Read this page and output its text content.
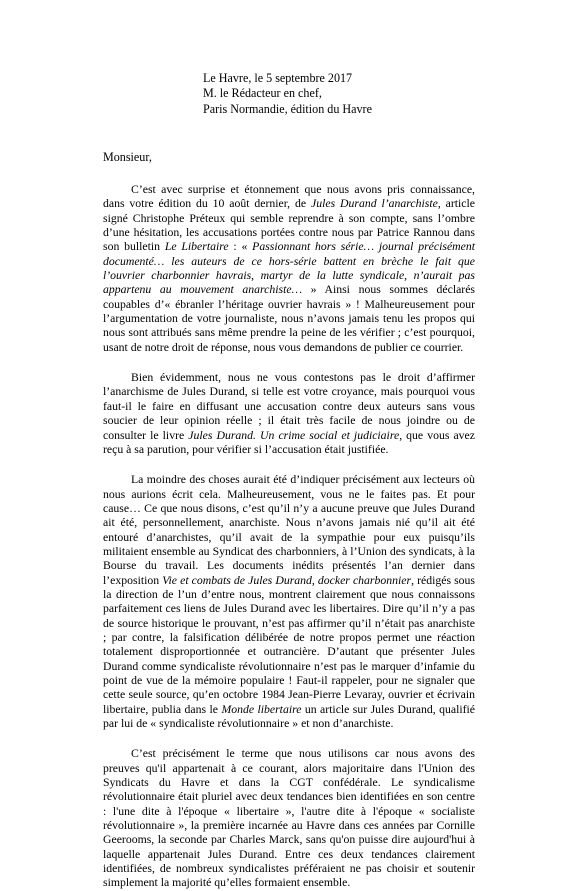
Le Havre, le 5 septembre 2017
M. le Rédacteur en chef,
Paris Normandie, édition du Havre
Monsieur,

C’est avec surprise et étonnement que nous avons pris connaissance, dans votre édition du 10 août dernier, de Jules Durand l’anarchiste, article signé Christophe Préteux qui semble reprendre à son compte, sans l’ombre d’une hésitation, les accusations portées contre nous par Patrice Rannou dans son bulletin Le Libertaire : « Passionnant hors série… journal précisément documenté… les auteurs de ce hors-série battent en brèche le fait que l’ouvrier charbonnier havrais, martyr de la lutte syndicale, n’aurait pas appartenu au mouvement anarchiste… » Ainsi nous sommes déclarés coupables d’« ébranler l’héritage ouvrier havrais » ! Malheureusement pour l’argumentation de votre journaliste, nous n’avons jamais tenu les propos qui nous sont attribués sans même prendre la peine de les vérifier ; c’est pourquoi, usant de notre droit de réponse, nous vous demandons de publier ce courrier.

Bien évidemment, nous ne vous contestons pas le droit d’affirmer l’anarchisme de Jules Durand, si telle est votre croyance, mais pourquoi vous faut-il le faire en diffusant une accusation contre deux auteurs sans vous soucier de leur opinion réelle ; il était très facile de nous joindre ou de consulter le livre Jules Durand. Un crime social et judiciaire, que vous avez reçu à sa parution, pour vérifier si l’accusation était justifiée.

La moindre des choses aurait été d’indiquer précisément aux lecteurs où nous aurions écrit cela. Malheureusement, vous ne le faites pas. Et pour cause… Ce que nous disons, c’est qu’il n’y a aucune preuve que Jules Durand ait été, personnellement, anarchiste. Nous n’avons jamais nié qu’il ait été entouré d’anarchistes, qu’il avait de la sympathie pour eux puisqu’ils militaient ensemble au Syndicat des charbonniers, à l’Union des syndicats, à la Bourse du travail. Les documents inédits présentés l’an dernier dans l’exposition Vie et combats de Jules Durand, docker charbonnier, rédigés sous la direction de l’un d’entre nous, montrent clairement que nous connaissons parfaitement ces liens de Jules Durand avec les libertaires. Dire qu’il n’y a pas de source historique le prouvant, n’est pas affirmer qu’il n’était pas anarchiste ; par contre, la falsification délibérée de notre propos permet une réaction totalement disproportionnée et outrancière. D’autant que présenter Jules Durand comme syndicaliste révolutionnaire n’est pas le marquer d’infamie du point de vue de la mémoire populaire ! Faut-il rappeler, pour ne signaler que cette seule source, qu’en octobre 1984 Jean-Pierre Levaray, ouvrier et écrivain libertaire, publia dans le Monde libertaire un article sur Jules Durand, qualifié par lui de « syndicaliste révolutionnaire » et non d’anarchiste.

C’est précisément le terme que nous utilisons car nous avons des preuves qu'il appartenait à ce courant, alors majoritaire dans l'Union des Syndicats du Havre et dans la CGT confédérale. Le syndicalisme révolutionnaire était pluriel avec deux tendances bien identifiées en son centre : l'une dite à l'époque « libertaire », l'autre dite à l'époque « socialiste révolutionnaire », la première incarnée au Havre dans ces années par Cornille Geerooms, la seconde par Charles Marck, sans qu'on puisse dire aujourd'hui à laquelle appartenait Jules Durand. Entre ces deux tendances clairement identifiées, de nombreux syndicalistes préféraient ne pas choisir et soutenir simplement la majorité qu’elles formaient ensemble.
